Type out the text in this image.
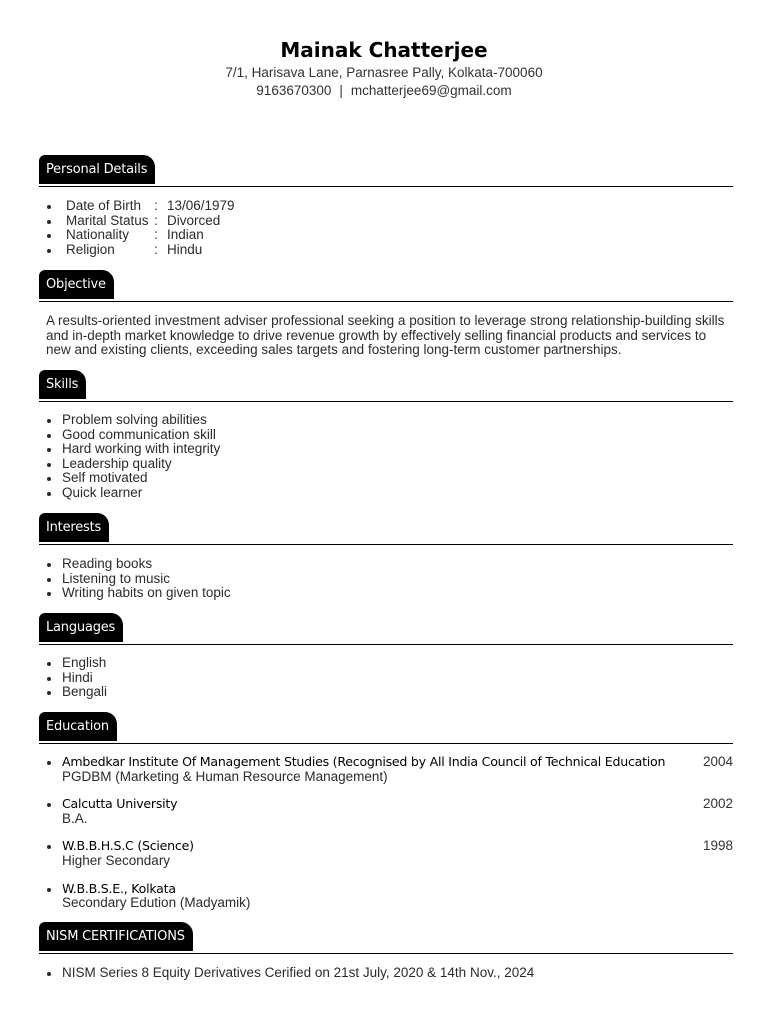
Mainak Chatterjee
7/1, Harisava Lane, Parnasree Pally, Kolkata-700060
9163670300 | mchatterjee69@gmail.com
Personal Details
Date of Birth : 13/06/1979
Marital Status : Divorced
Nationality : Indian
Religion	: Hindu
Objective

A results-oriented investment adviser professional seeking a position to leverage strong relationship-building skills and in-depth market knowledge to drive revenue growth by effectively selling financial products and services to new and existing clients, exceeding sales targets and fostering long-term customer partnerships.

Skills
Problem solving abilities
Good communication skill
Hard working with integrity
Leadership quality
Self motivated
Quick learner
Interests
Reading books
Listening to music
Writing habits on given topic
Languages
English
Hindi
Bengali
Education
Ambedkar Institute Of Management Studies (Recognised by All India Council of Technical Education
PGDBM (Marketing & Human Resource Management)
2004
Calcutta University
B.A.
2002
W.B.B.H.S.C (Science)
Higher Secondary
1998
W.B.B.S.E., Kolkata
Secondary Edution (Madyamik)
NISM CERTIFICATIONS
NISM Series 8 Equity Derivatives Cerified on 21st July, 2020 & 14th Nov., 2024
